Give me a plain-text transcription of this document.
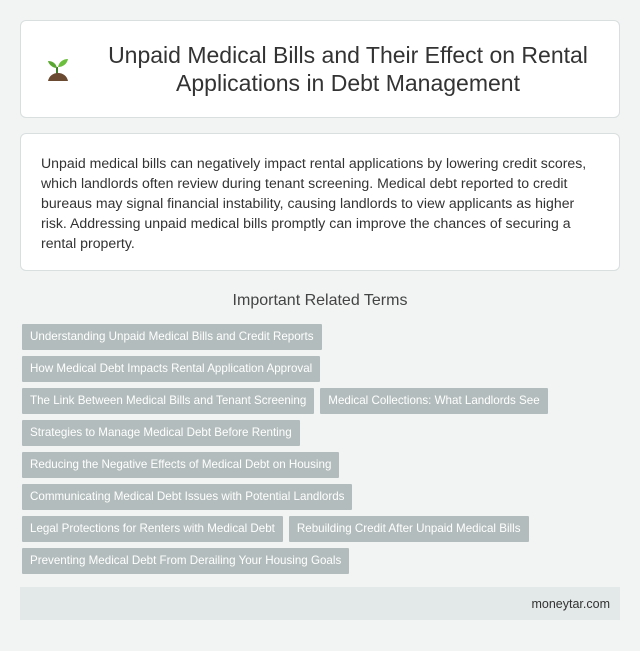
Unpaid Medical Bills and Their Effect on Rental Applications in Debt Management

Unpaid medical bills can negatively impact rental applications by lowering credit scores, which landlords often review during tenant screening. Medical debt reported to credit bureaus may signal financial instability, causing landlords to view applicants as higher risk. Addressing unpaid medical bills promptly can improve the chances of securing a rental property.

Important Related Terms
Understanding Unpaid Medical Bills and Credit Reports
How Medical Debt Impacts Rental Application Approval
The Link Between Medical Bills and Tenant Screening	Medical Collections: What Landlords See
Strategies to Manage Medical Debt Before Renting
Reducing the Negative Effects of Medical Debt on Housing
Communicating Medical Debt Issues with Potential Landlords
Legal Protections for Renters with Medical Debt	Rebuilding Credit After Unpaid Medical Bills
Preventing Medical Debt From Derailing Your Housing Goals
moneytar.com
